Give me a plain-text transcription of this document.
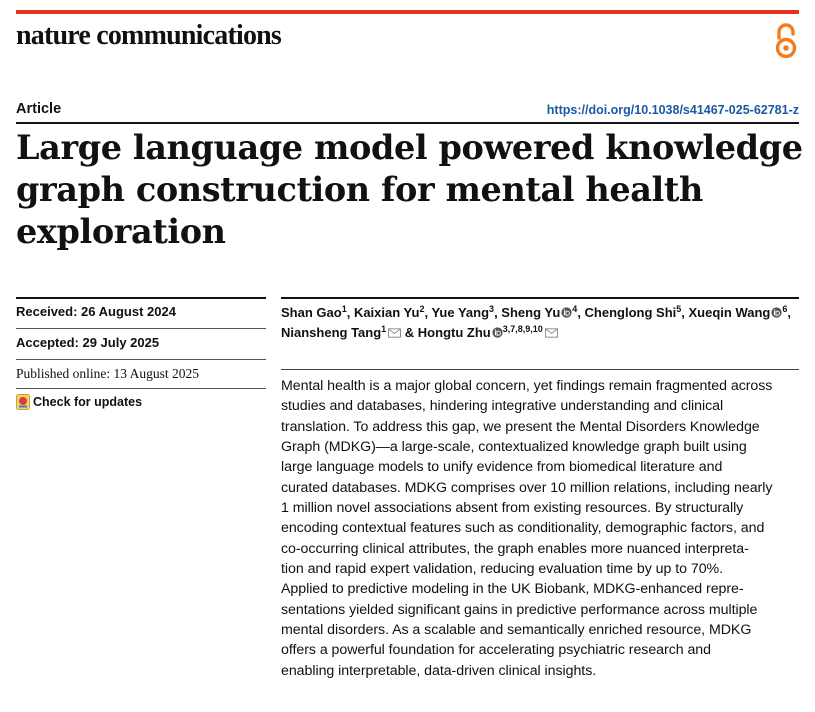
nature communications
Article	https://doi.org/10.1038/s41467-025-62781-z
Large language model powered knowledge
graph construction for mental health
exploration
Received: 26 August 2024
Accepted: 29 July 2025
Published online: 13 August 2025
Check for updates

Shan Gao$^1$, Kaixian Yu$^2$, Yue Yang$^3$, Sheng Yu $^4$, Chenglong Shi$^5$, Xueqin Wang $^6$,
Niansheng Tang$^1$ & Hongtu Zhu $^{3,7,8,9,10}$

Mental health is a major global concern, yet findings remain fragmented across
studies and databases, hindering integrative understanding and clinical
translation. To address this gap, we present the Mental Disorders Knowledge
Graph (MDKG)—a large-scale, contextualized knowledge graph built using
large language models to unify evidence from biomedical literature and
curated databases. MDKG comprises over 10 million relations, including nearly
1 million novel associations absent from existing resources. By structurally
encoding contextual features such as conditionality, demographic factors, and
co-occurring clinical attributes, the graph enables more nuanced interpreta-
tion and rapid expert validation, reducing evaluation time by up to 70%.
Applied to predictive modeling in the UK Biobank, MDKG-enhanced repre-
sentations yielded significant gains in predictive performance across multiple
mental disorders. As a scalable and semantically enriched resource, MDKG
offers a powerful foundation for accelerating psychiatric research and
enabling interpretable, data-driven clinical insights.
